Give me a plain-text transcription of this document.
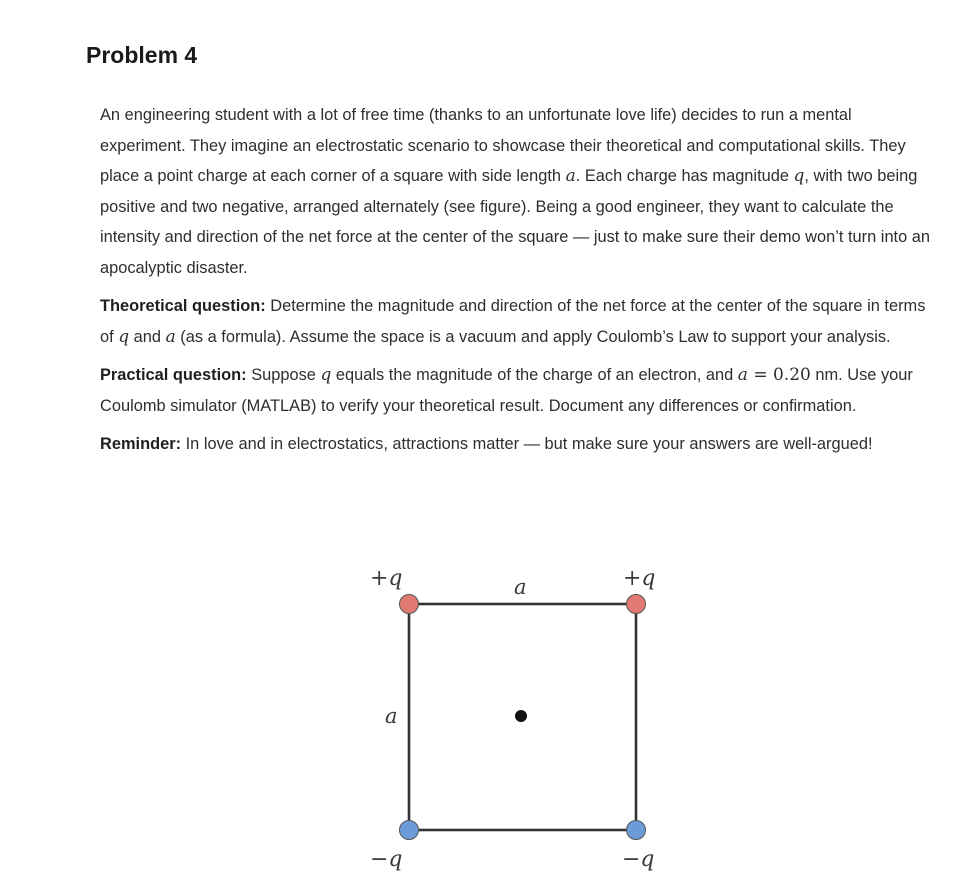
Problem 4

An engineering student with a lot of free time (thanks to an unfortunate love life) decides to run a mental experiment. They imagine an electrostatic scenario to showcase their theoretical and computational skills. They place a point charge at each corner of a square with side length a. Each charge has magnitude q, with two being positive and two negative, arranged alternately (see figure). Being a good engineer, they want to calculate the intensity and direction of the net force at the center of the square — just to make sure their demo won’t turn into an apocalyptic disaster.

Theoretical question: Determine the magnitude and direction of the net force at the center of the square in terms of q and a (as a formula). Assume the space is a vacuum and apply Coulomb’s Law to support your analysis.

Practical question: Suppose q equals the magnitude of the charge of an electron, and a = 0.20 nm. Use your Coulomb simulator (MATLAB) to verify your theoretical result. Document any differences or confirmation.

Reminder: In love and in electrostatics, attractions matter — but make sure your answers are well-argued!

+q	+q
−q	−q
a
a
